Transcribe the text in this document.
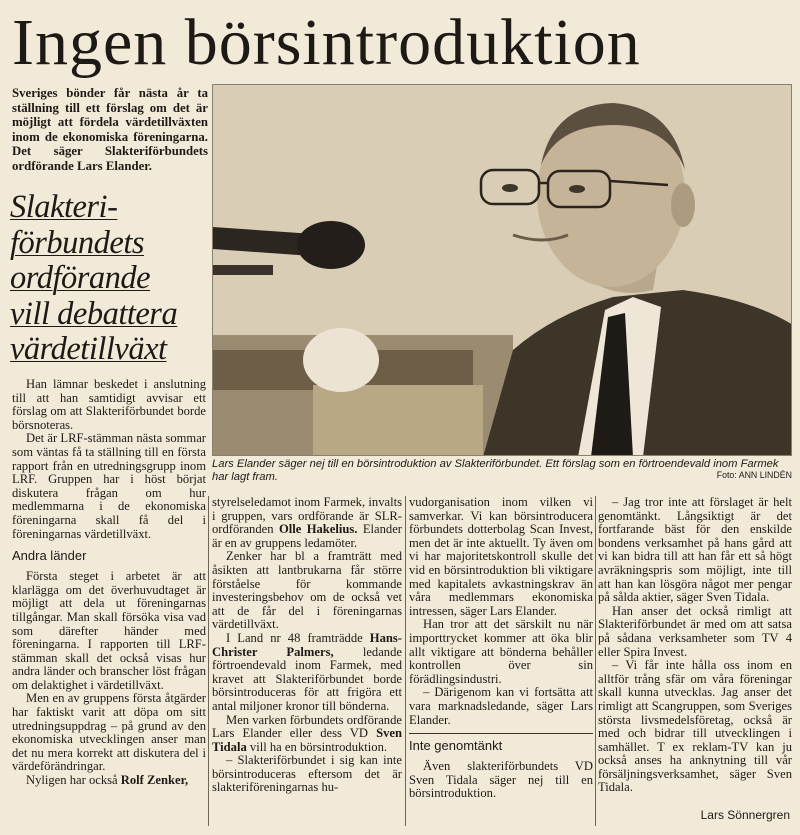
Ingen börsintroduktion
Sveriges bönder får nästa år ta ställning till ett förslag om det är möjligt att fördela värdetillväxten inom de ekonomiska föreningarna. Det säger Slakteriförbundets ordförande Lars Elander.
Slakteri-
förbundets
ordförande
vill debattera
värdetillväxt
Lars Elander säger nej till en börsintroduktion av Slakteriförbundet. Ett förslag som en förtroendevald inom Farmek har lagt fram.	Foto: ANN LINDÉN

Han lämnar beskedet i anslutning till att han samtidigt avvisar ett förslag om att Slakteriförbundet borde börsnoteras.

Det är LRF-stämman nästa sommar som väntas få ta ställning till en första rapport från en utredningsgrupp inom LRF. Gruppen har i höst börjat diskutera frågan om hur medlemmarna i de ekonomiska föreningarna skall få del i föreningarnas värdetillväxt.

Andra länder

Första steget i arbetet är att klarlägga om det överhuvudtaget är möjligt att dela ut föreningarnas tillgångar. Man skall försöka visa vad som därefter händer med föreningarna. I rapporten till LRF-stämman skall det också visas hur andra länder och branscher löst frågan om delaktighet i värdetillväxt.

Men en av gruppens första åtgärder har faktiskt varit att döpa om sitt utredningsuppdrag – på grund av den ekonomiska utvecklingen anser man det nu mera korrekt att diskutera del i värdeförändringar.

Nyligen har också Rolf Zenker,

styrelseledamot inom Farmek, invalts i gruppen, vars ordförande är SLR-ordföranden Olle Hakelius. Elander är en av gruppens ledamöter.

Zenker har bl a framträtt med åsikten att lantbrukarna får större förståelse för kommande investeringsbehov om de också vet att de får del i föreningarnas värdetillväxt.

I Land nr 48 framträdde Hans-Christer Palmers, ledande förtroendevald inom Farmek, med kravet att Slakteriförbundet borde börsintroduceras för att frigöra ett antal miljoner kronor till bönderna.

Men varken förbundets ordförande Lars Elander eller dess VD Sven Tidala vill ha en börsintroduktion.

– Slakteriförbundet i sig kan inte börsintroduceras eftersom det är slakteriföreningarnas hu-

vudorganisation inom vilken vi samverkar. Vi kan börsintroducera förbundets dotterbolag Scan Invest, men det är inte aktuellt. Ty även om vi har majoritetskontroll skulle det vid en börsintroduktion bli viktigare med kapitalets avkastningskrav än våra medlemmars ekonomiska intressen, säger Lars Elander.

Han tror att det särskilt nu när importtrycket kommer att öka blir allt viktigare att bönderna behåller kontrollen över sin förädlingsindustri.

– Därigenom kan vi fortsätta att vara marknadsledande, säger Lars Elander.

Inte genomtänkt

Även slakteriförbundets VD Sven Tidala säger nej till en börsintroduktion.

– Jag tror inte att förslaget är helt genomtänkt. Långsiktigt är det fortfarande bäst för den enskilde bondens verksamhet på hans gård att vi kan bidra till att han får ett så högt avräkningspris som möjligt, inte till att han kan lösgöra något mer pengar på sålda aktier, säger Sven Tidala.

Han anser det också rimligt att Slakteriförbundet är med om att satsa på sådana verksamheter som TV 4 eller Spira Invest.

– Vi får inte hålla oss inom en alltför trång sfär om våra föreningar skall kunna utvecklas. Jag anser det rimligt att Scangruppen, som Sveriges största livsmedelsföretag, också är med och bidrar till utvecklingen i samhället. T ex reklam-TV kan ju också anses ha anknytning till vår försäljningsverksamhet, säger Sven Tidala.

Lars Sönnergren
